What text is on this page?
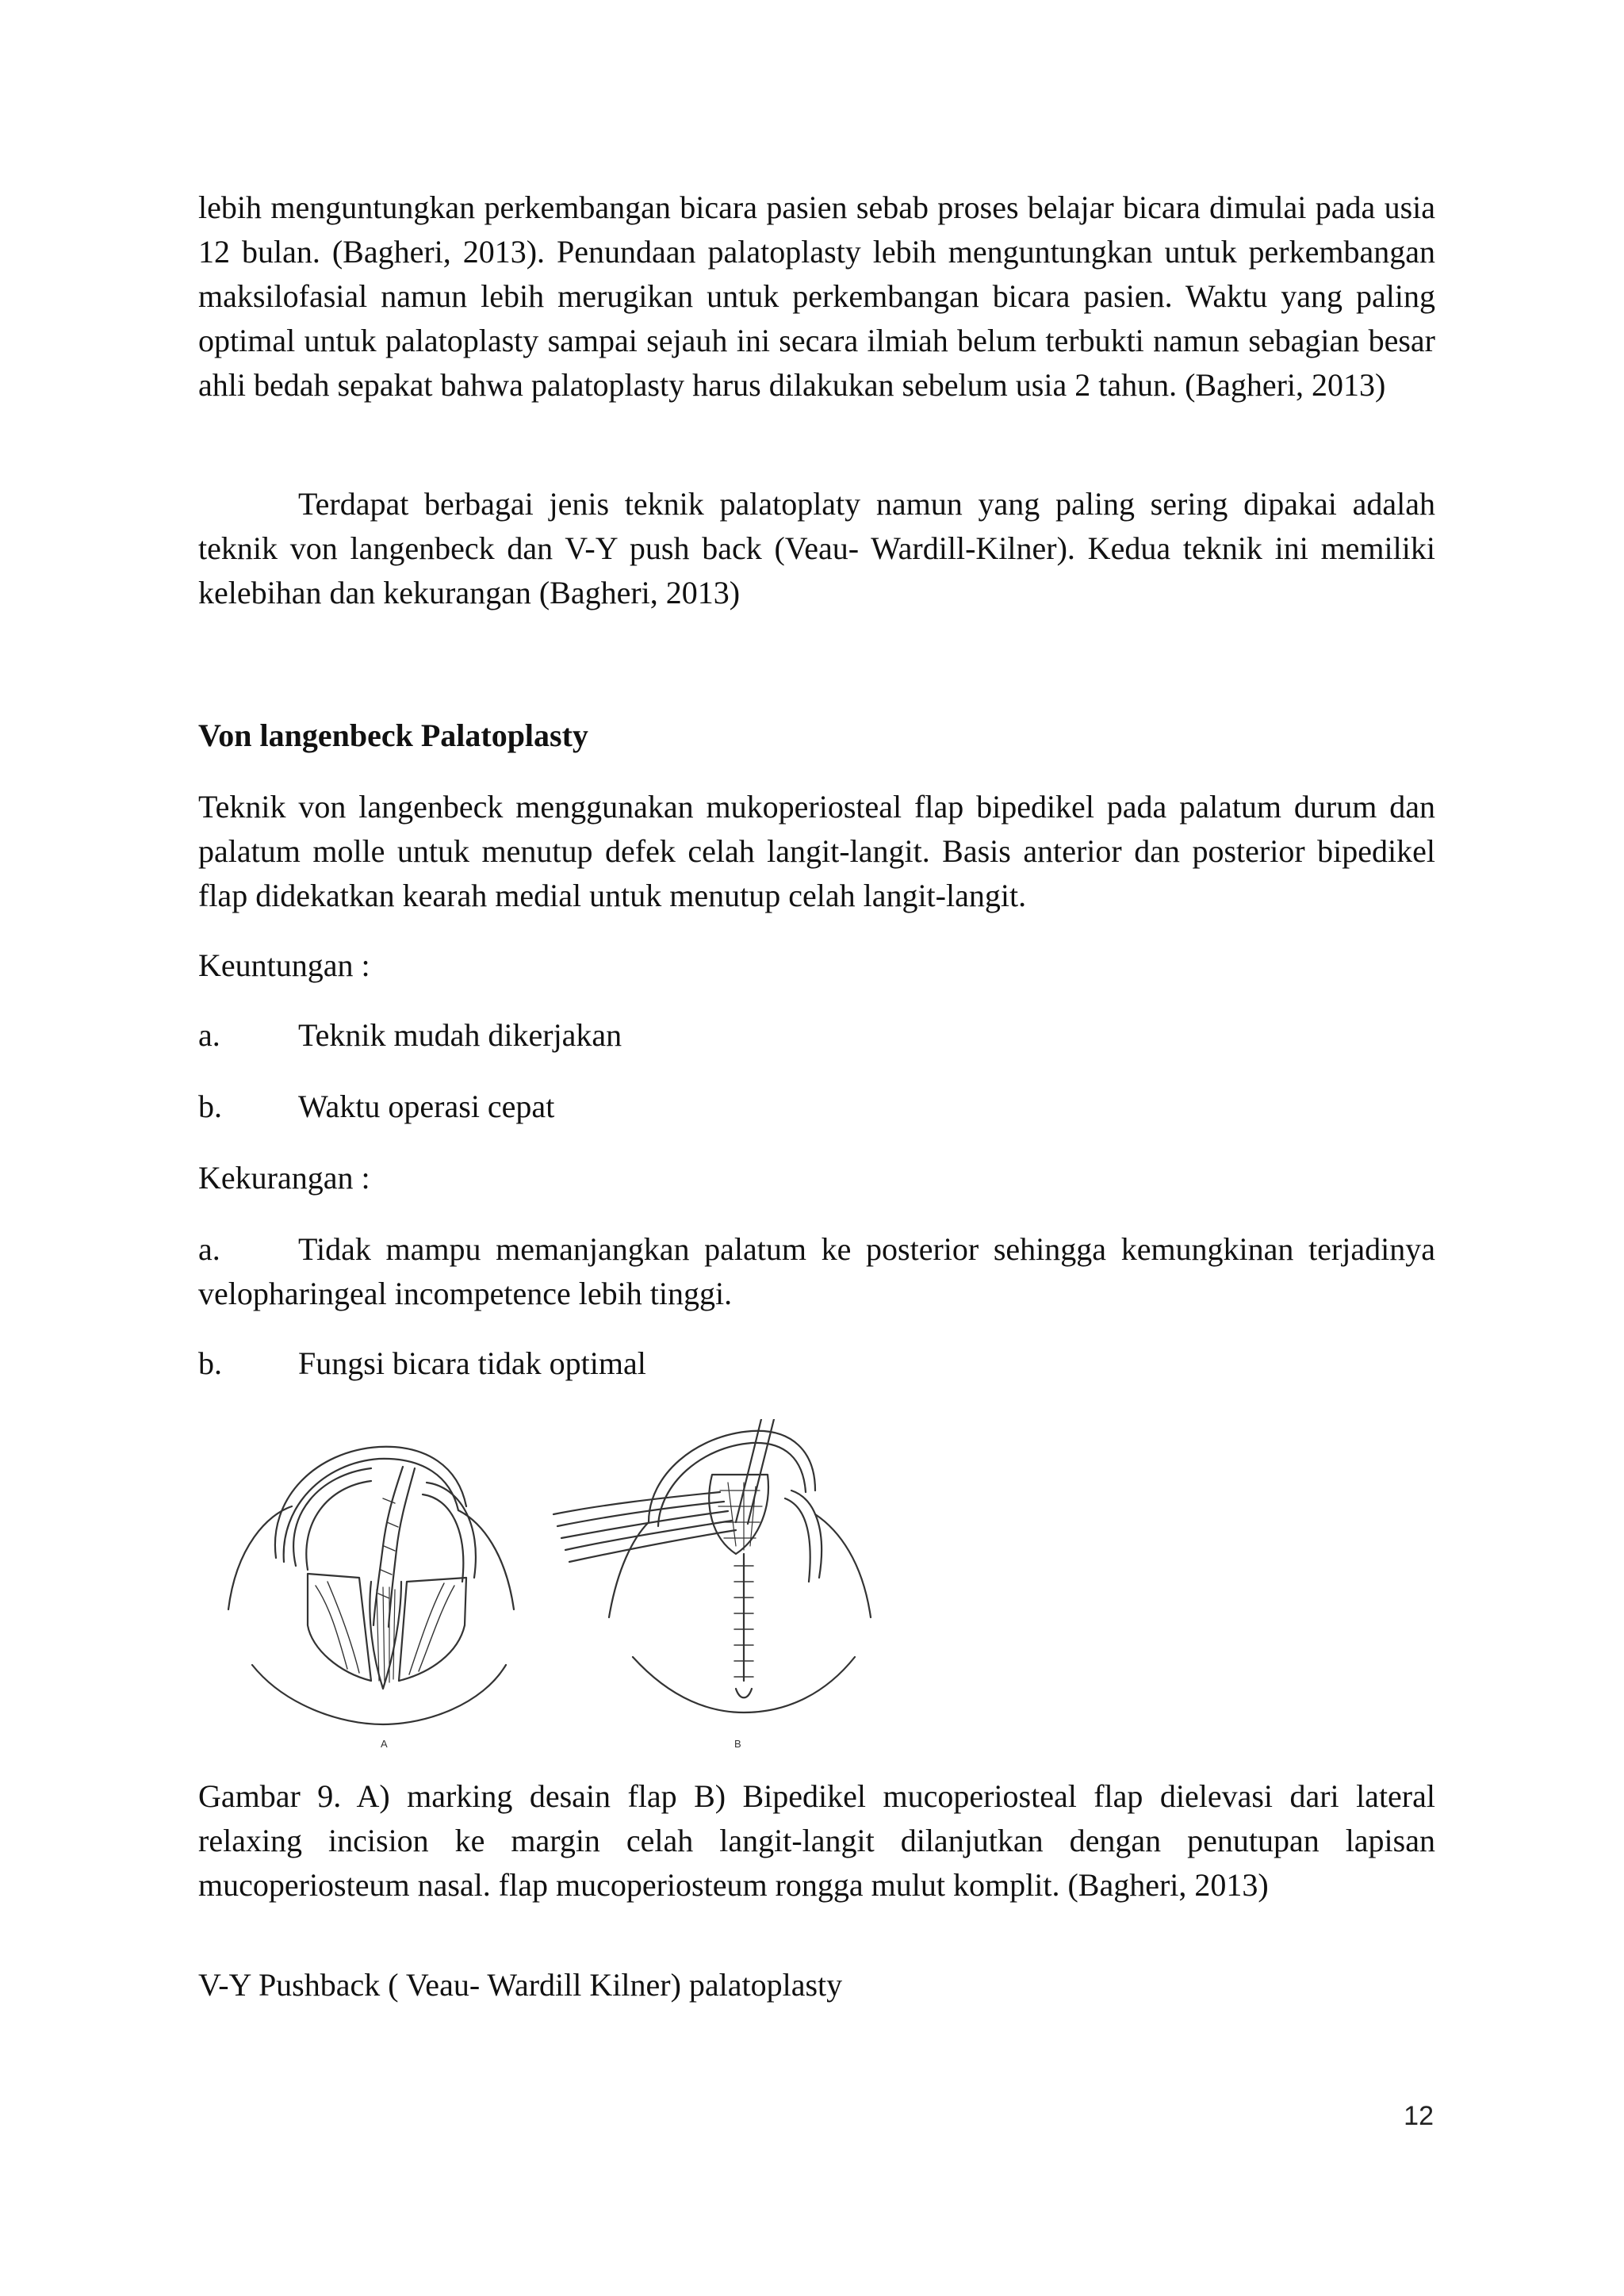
lebih menguntungkan perkembangan bicara pasien sebab proses belajar bicara dimulai pada usia 12 bulan. (Bagheri, 2013). Penundaan palatoplasty lebih menguntungkan untuk perkembangan maksilofasial namun lebih merugikan untuk perkembangan bicara pasien. Waktu yang paling optimal untuk palatoplasty sampai sejauh ini secara ilmiah belum terbukti namun sebagian besar ahli bedah sepakat bahwa palatoplasty harus dilakukan sebelum usia 2 tahun. (Bagheri, 2013)

Terdapat berbagai jenis teknik palatoplaty namun yang paling sering dipakai adalah teknik von langenbeck dan V-Y push back (Veau- Wardill-Kilner). Kedua teknik ini memiliki kelebihan dan kekurangan (Bagheri, 2013)

Von langenbeck Palatoplasty

Teknik von langenbeck menggunakan mukoperiosteal flap bipedikel pada palatum durum dan palatum molle untuk menutup defek celah langit-langit. Basis anterior dan posterior bipedikel flap didekatkan kearah medial untuk menutup celah langit-langit.

Keuntungan :

a. Teknik mudah dikerjakan
b. Waktu operasi cepat

Kekurangan :

a. Tidak mampu memanjangkan palatum ke posterior sehingga kemungkinan terjadinya velopharingeal incompetence lebih tinggi.
b. Fungsi bicara tidak optimal
A	B

Gambar 9. A) marking desain flap B) Bipedikel mucoperiosteal flap dielevasi dari lateral relaxing incision ke margin celah langit-langit dilanjutkan dengan penutupan lapisan mucoperiosteum nasal. flap mucoperiosteum rongga mulut komplit. (Bagheri, 2013)

V-Y Pushback ( Veau- Wardill Kilner) palatoplasty

12
